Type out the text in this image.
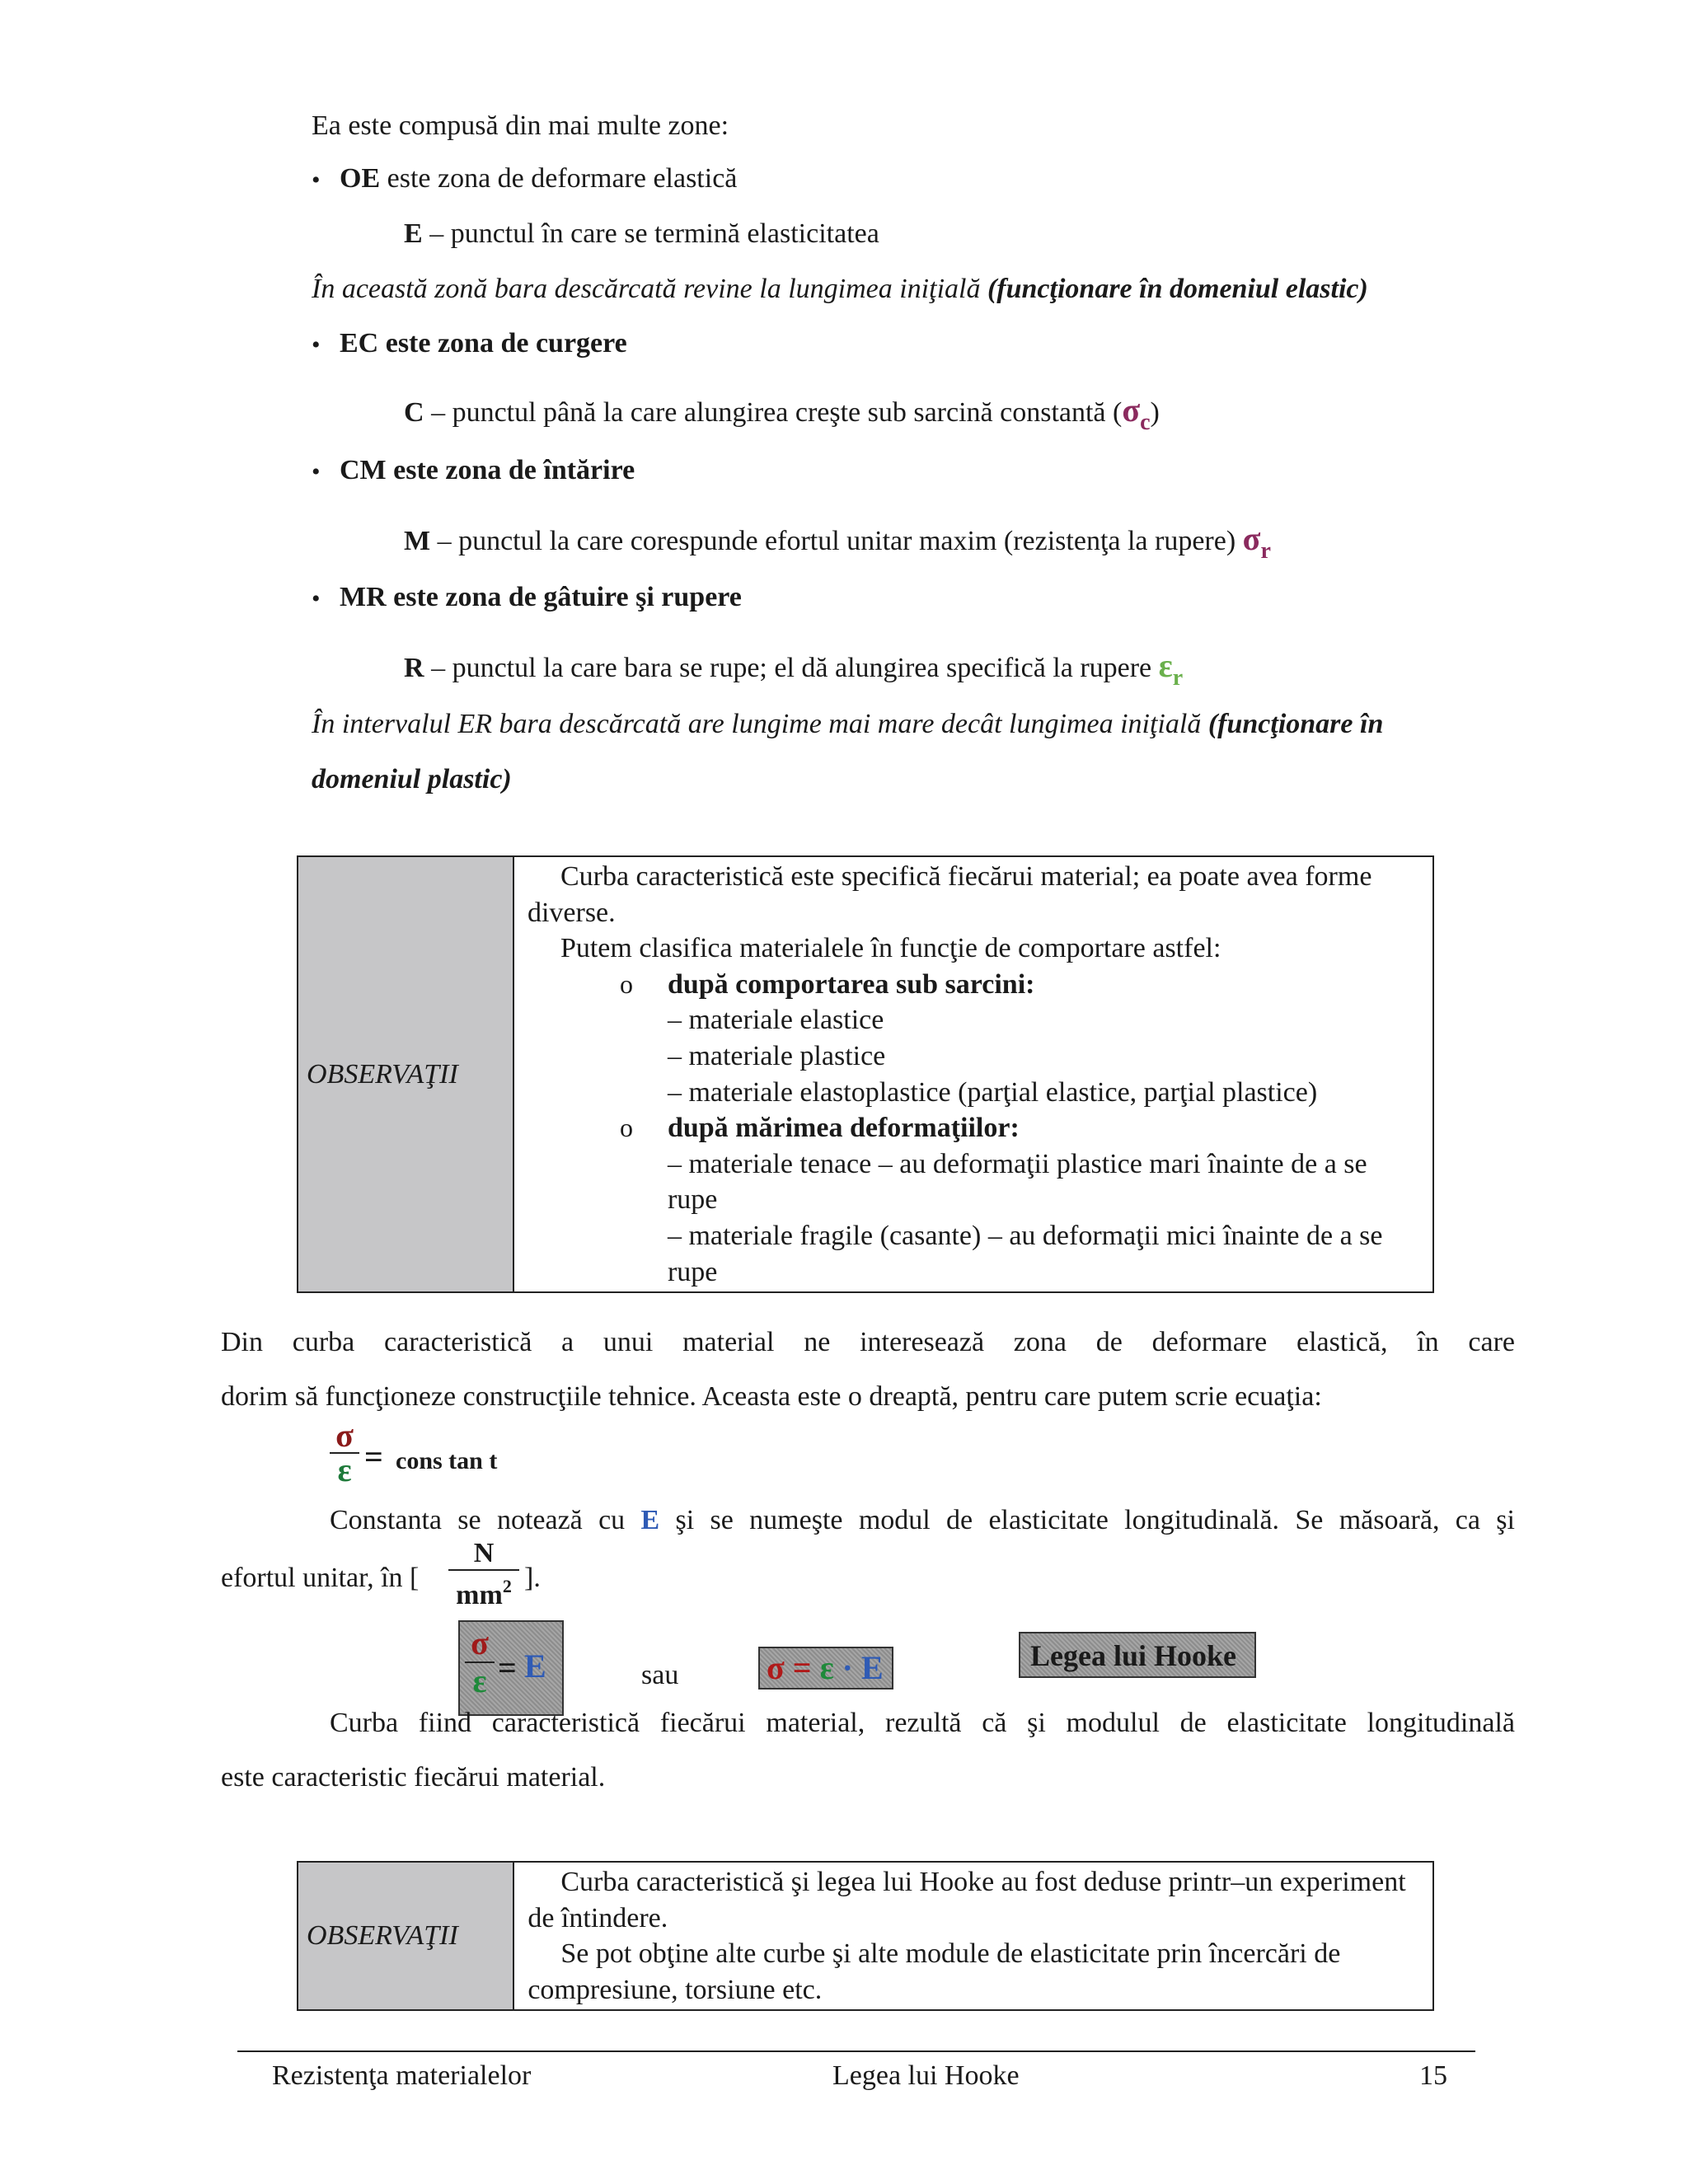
Ea este compusă din mai multe zone:
• OE este zona de deformare elastică
E – punctul în care se termină elasticitatea
În această zonă bara descărcată revine la lungimea iniţială (funcţionare în domeniul elastic)
• EC este zona de curgere
C – punctul până la care alungirea creşte sub sarcină constantă $(\sigma_c)$
• CM este zona de întărire
M – punctul la care corespunde efortul unitar maxim (rezistenţa la rupere) $\sigma_r$
• MR este zona de gâtuire şi rupere
R – punctul la care bara se rupe; el dă alungirea specifică la rupere $\varepsilon_r$
În intervalul ER bara descărcată are lungime mai mare decât lungimea iniţială (funcţionare în
domeniul plastic)
OBSERVAŢII	
Curba caracteristică este specifică fiecărui material; ea poate avea forme diverse.
Putem clasifica materialele în funcţie de comportare astfel:
o după comportarea sub sarcini:
– materiale elastice
– materiale plastice
– materiale elastoplastice (parţial elastice, parţial plastice)
o după mărimea deformaţiilor:
– materiale tenace – au deformaţii plastice mari înainte de a se rupe
– materiale fragile (casante) – au deformaţii mici înainte de a se rupe
Din curba caracteristică a unui material ne interesează zona de deformare elastică, în care
dorim să funcţioneze construcţiile tehnice. Aceasta este o dreaptă, pentru care putem scrie ecuaţia:
σ
ε = cons tan t
Constanta se notează cu E şi se numeşte modul de elasticitate longitudinală. Se măsoară, ca şi
efortul unitar, în [
N
$mm^2$ ].
σ
ε = E	sau	σ = ε · E	Legea lui Hooke
Curba fiind caracteristică fiecărui material, rezultă că şi modulul de elasticitate longitudinală
este caracteristic fiecărui material.
OBSERVAŢII	
Curba caracteristică şi legea lui Hooke au fost deduse printr–un experiment de întindere.
Se pot obţine alte curbe şi alte module de elasticitate prin încercări de compresiune, torsiune etc.
Rezistenţa materialelor	Legea lui Hooke	15
